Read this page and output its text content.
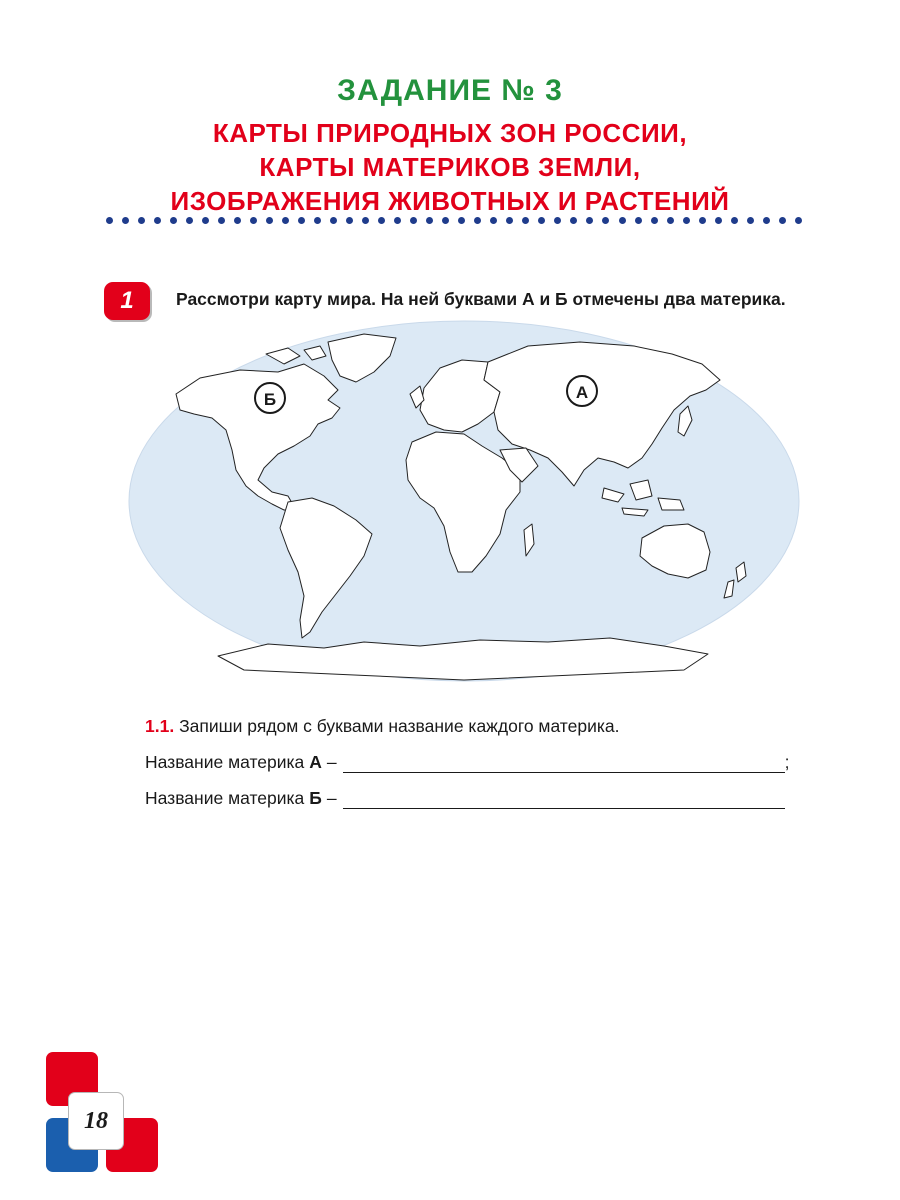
ЗАДАНИЕ № 3
КАРТЫ ПРИРОДНЫХ ЗОН РОССИИ,
КАРТЫ МАТЕРИКОВ ЗЕМЛИ,
ИЗОБРАЖЕНИЯ ЖИВОТНЫХ И РАСТЕНИЙ
1	Рассмотри карту мира. На ней буквами А и Б отмечены два материка.
А
Б
1.1. Запиши рядом с буквами название каждого материка.
Название материка А –	;
Название материка Б –
18
